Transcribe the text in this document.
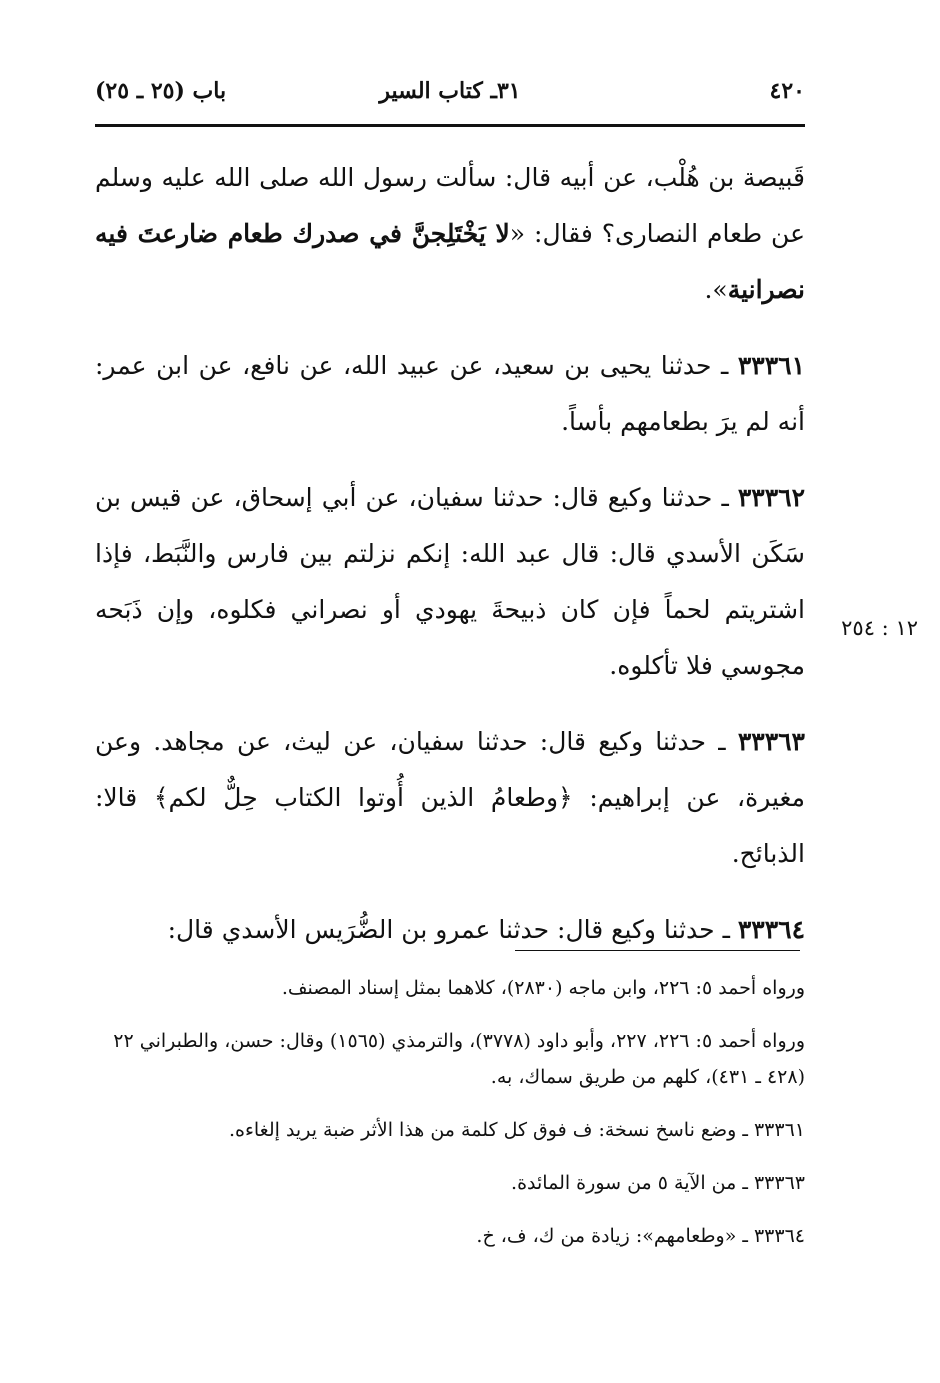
٤٢٠
٣١ـ كتاب السير
باب (٢٥ ـ ٢٥)

قَبيصة بن هُلْب، عن أبيه قال: سألت رسول الله صلى الله عليه وسلم عن طعام النصارى؟ فقال: «لا يَخْتَلِجنَّ في صدرك طعام ضارعتَ فيه نصرانية».

٣٣٣٦١ ـ حدثنا يحيى بن سعيد، عن عبيد الله، عن نافع، عن ابن عمر: أنه لم يرَ بطعامهم بأساً.

٣٣٣٦٢ ـ حدثنا وكيع قال: حدثنا سفيان، عن أبي إسحاق، عن قيس بن سَكَن الأسدي قال: قال عبد الله: إنكم نزلتم بين فارس والنَّبَط، فإذا اشتريتم لحماً فإن كان ذبيحةَ يهودي أو نصراني فكلوه، وإن ذَبَحه مجوسي فلا تأكلوه.

٣٣٣٦٣ ـ حدثنا وكيع قال: حدثنا سفيان، عن ليث، عن مجاهد. وعن مغيرة، عن إبراهيم: ﴿وطعامُ الذين أُوتوا الكتاب حِلٌّ لكم﴾ قالا: الذبائح.

٣٣٣٦٤ ـ حدثنا وكيع قال: حدثنا عمرو بن الضُّرَيس الأسدي قال:

١٢ : ٢٥٤

ورواه أحمد ٥: ٢٢٦، وابن ماجه (٢٨٣٠)، كلاهما بمثل إسناد المصنف.

ورواه أحمد ٥: ٢٢٦، ٢٢٧، وأبو داود (٣٧٧٨)، والترمذي (١٥٦٥) وقال: حسن، والطبراني ٢٢ (٤٢٨ ـ ٤٣١)، كلهم من طريق سماك، به.

٣٣٣٦١ ـ وضع ناسخ نسخة: ف فوق كل كلمة من هذا الأثر ضبة يريد إلغاءه.

٣٣٣٦٣ ـ من الآية ٥ من سورة المائدة.

٣٣٣٦٤ ـ «وطعامهم»: زيادة من ك، ف، خ.
